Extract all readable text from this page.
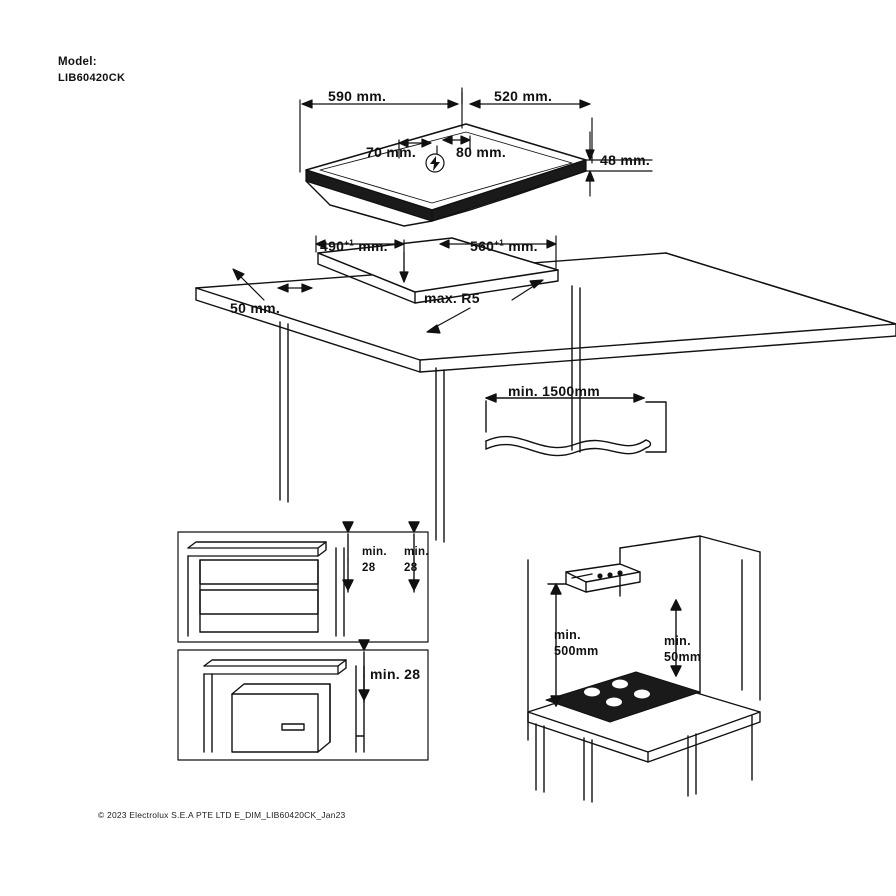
Model:
LIB60420CK
590 mm.	520 mm.
70 mm.	80 mm.	48 mm.
$490^{+1}$ mm.	$560^{+1}$ mm.
50 mm.
max. R5
min. 1500mm
min.
28
min.
28
min. 28
min.
500mm
min.
50mm
© 2023 Electrolux S.E.A PTE LTD E_DIM_LIB60420CK_Jan23
